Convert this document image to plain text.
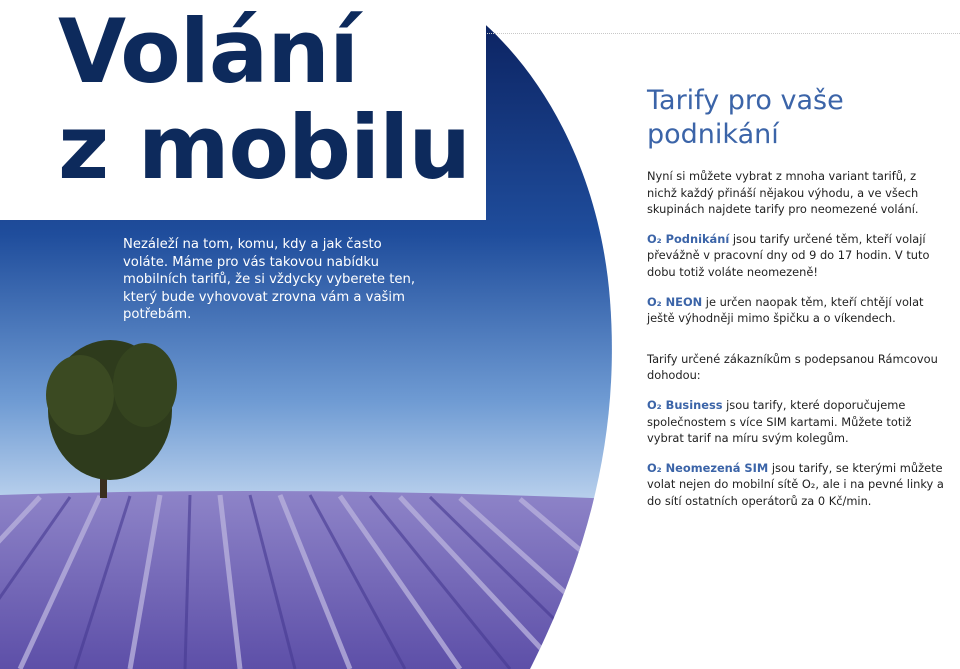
Volání
z mobilu
Nezáleží na tom, komu, kdy a jak často voláte. Máme pro vás takovou nabídku mobilních tarifů, že si vždycky vyberete ten, který bude vyhovovat zrovna vám a vašim potřebám.
Tarify pro vaše
podnikání

Nyní si můžete vybrat z mnoha variant tarifů, z nichž každý přináší nějakou výhodu, a ve všech skupinách najdete tarify pro neomezené volání.

O₂ Podnikání jsou tarify určené těm, kteří volají převážně v pracovní dny od 9 do 17 hodin. V tuto dobu totiž voláte neomezeně!

O₂ NEON je určen naopak těm, kteří chtějí volat ještě výhodněji mimo špičku a o víkendech.

Tarify určené zákazníkům s podepsanou Rámcovou dohodou:

O₂ Business jsou tarify, které doporučujeme společnostem s více SIM kartami. Můžete totiž vybrat tarif na míru svým kolegům.

O₂ Neomezená SIM jsou tarify, se kterými můžete volat nejen do mobilní sítě O₂, ale i na pevné linky a do sítí ostatních operátorů za 0 Kč/min.
